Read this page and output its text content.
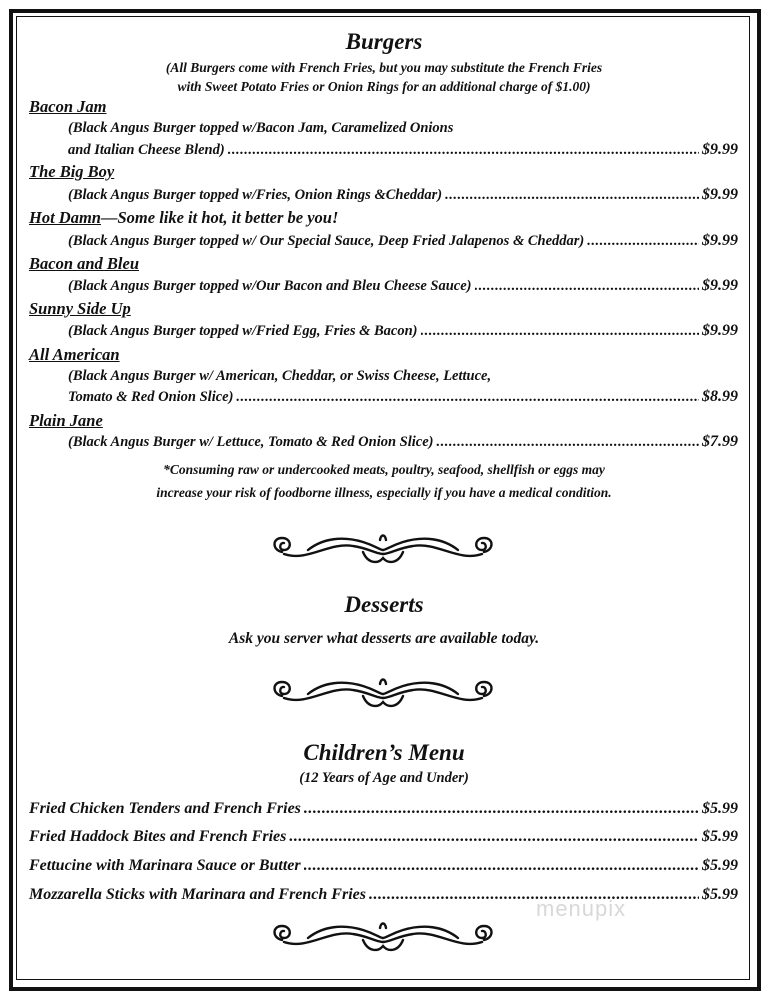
Burgers
(All Burgers come with French Fries, but you may substitute the French Fries
with Sweet Potato Fries or Onion Rings for an additional charge of $1.00)
Bacon Jam
(Black Angus Burger topped w/Bacon Jam, Caramelized Onions
and Italian Cheese Blend) .....	$9.99
The Big Boy
(Black Angus Burger topped w/Fries, Onion Rings &Cheddar) .....	$9.99
Hot Damn—Some like it hot, it better be you!
(Black Angus Burger topped w/ Our Special Sauce, Deep Fried Jalapenos & Cheddar) .....	$9.99
Bacon and Bleu
(Black Angus Burger topped w/Our Bacon and Bleu Cheese Sauce) .....	$9.99
Sunny Side Up
(Black Angus Burger topped w/Fried Egg, Fries & Bacon) .....	$9.99
All American
(Black Angus Burger w/ American, Cheddar, or Swiss Cheese, Lettuce,
Tomato & Red Onion Slice) .....	$8.99
Plain Jane
(Black Angus Burger w/ Lettuce, Tomato & Red Onion Slice) .....	$7.99
*Consuming raw or undercooked meats, poultry, seafood, shellfish or eggs may
increase your risk of foodborne illness, especially if you have a medical condition.
Desserts
Ask you server what desserts are available today.
Children’s Menu
(12 Years of Age and Under)
Fried Chicken Tenders and French Fries .....	$5.99
Fried Haddock Bites and French Fries .....	$5.99
Fettucine with Marinara Sauce or Butter .....	$5.99
Mozzarella Sticks with Marinara and French Fries .....	$5.99
menupix
